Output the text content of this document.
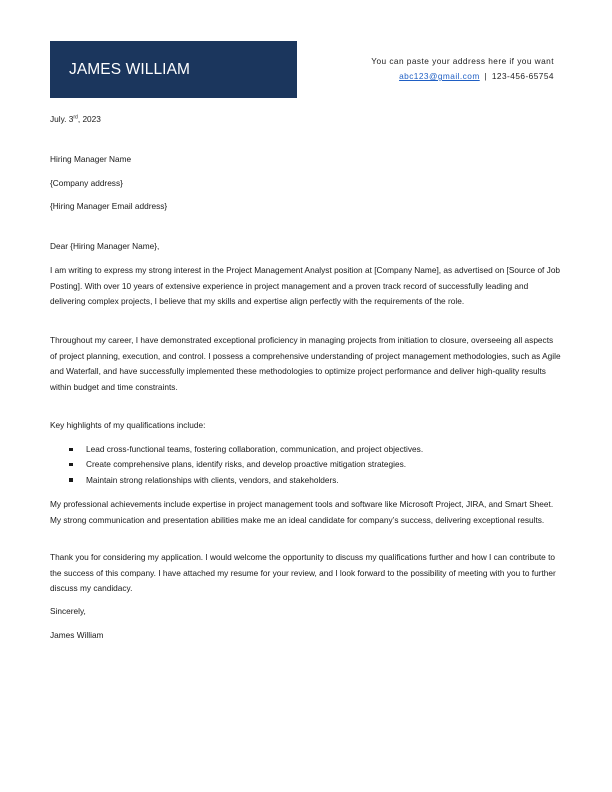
JAMES WILLIAM	You can paste your address here if you want
abc123@gmail.com | 123-456-65754
July. 3rd, 2023
Hiring Manager Name
{Company address}
{Hiring Manager Email address}
Dear {Hiring Manager Name},
I am writing to express my strong interest in the Project Management Analyst position at [Company Name], as advertised on [Source of Job Posting]. With over 10 years of extensive experience in project management and a proven track record of successfully leading and delivering complex projects, I believe that my skills and expertise align perfectly with the requirements of the role.
Throughout my career, I have demonstrated exceptional proficiency in managing projects from initiation to closure, overseeing all aspects of project planning, execution, and control. I possess a comprehensive understanding of project management methodologies, such as Agile and Waterfall, and have successfully implemented these methodologies to optimize project performance and deliver high-quality results within budget and time constraints.
Key highlights of my qualifications include:
Lead cross-functional teams, fostering collaboration, communication, and project objectives.
Create comprehensive plans, identify risks, and develop proactive mitigation strategies.
Maintain strong relationships with clients, vendors, and stakeholders.
My professional achievements include expertise in project management tools and software like Microsoft Project, JIRA, and Smart Sheet. My strong communication and presentation abilities make me an ideal candidate for company’s success, delivering exceptional results.
Thank you for considering my application. I would welcome the opportunity to discuss my qualifications further and how I can contribute to the success of this company. I have attached my resume for your review, and I look forward to the possibility of meeting with you to further discuss my candidacy.
Sincerely,
James William
